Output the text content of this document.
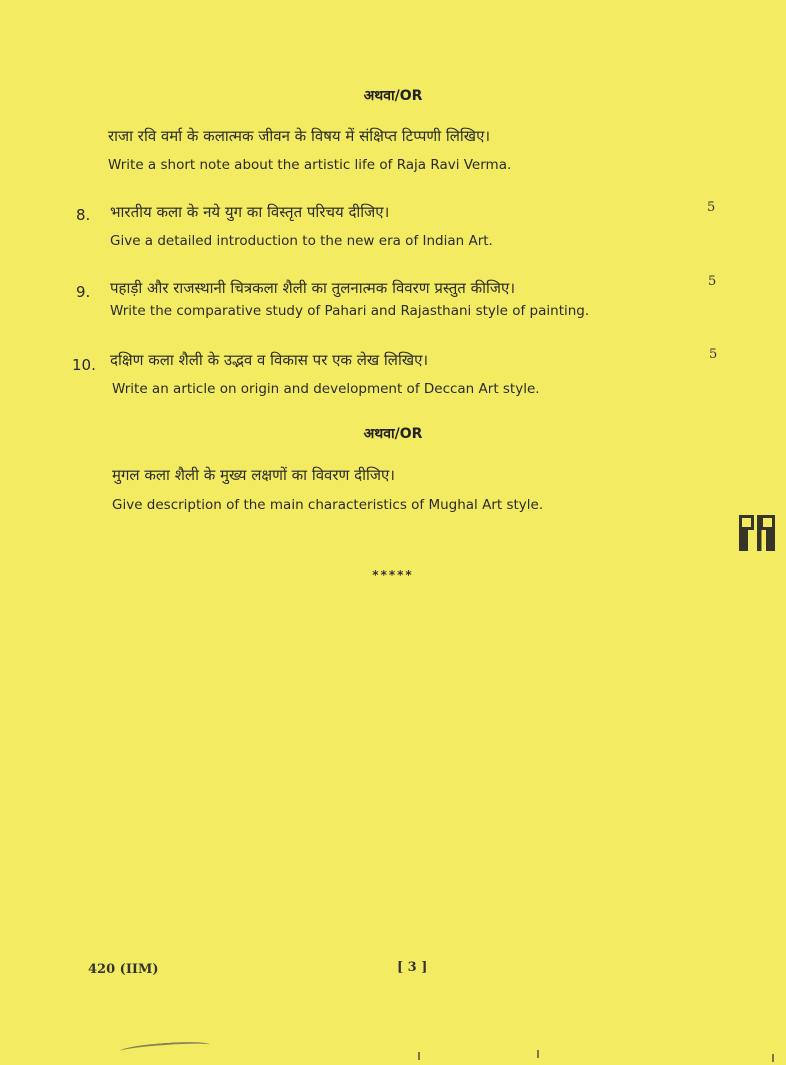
अथवा/OR
राजा रवि वर्मा के कलात्मक जीवन के विषय में संक्षिप्त टिप्पणी लिखिए।
Write a short note about the artistic life of Raja Ravi Verma.
8. भारतीय कला के नये युग का विस्तृत परिचय दीजिए।
Give a detailed introduction to the new era of Indian Art.
5
9. पहाड़ी और राजस्थानी चित्रकला शैली का तुलनात्मक विवरण प्रस्तुत कीजिए।
Write the comparative study of Pahari and Rajasthani style of painting.
5
10. दक्षिण कला शैली के उद्भव व विकास पर एक लेख लिखिए।
Write an article on origin and development of Deccan Art style.
5
अथवा/OR
मुगल कला शैली के मुख्य लक्षणों का विवरण दीजिए।
Give description of the main characteristics of Mughal Art style.
*****
420 (IIM)	[ 3 ]
